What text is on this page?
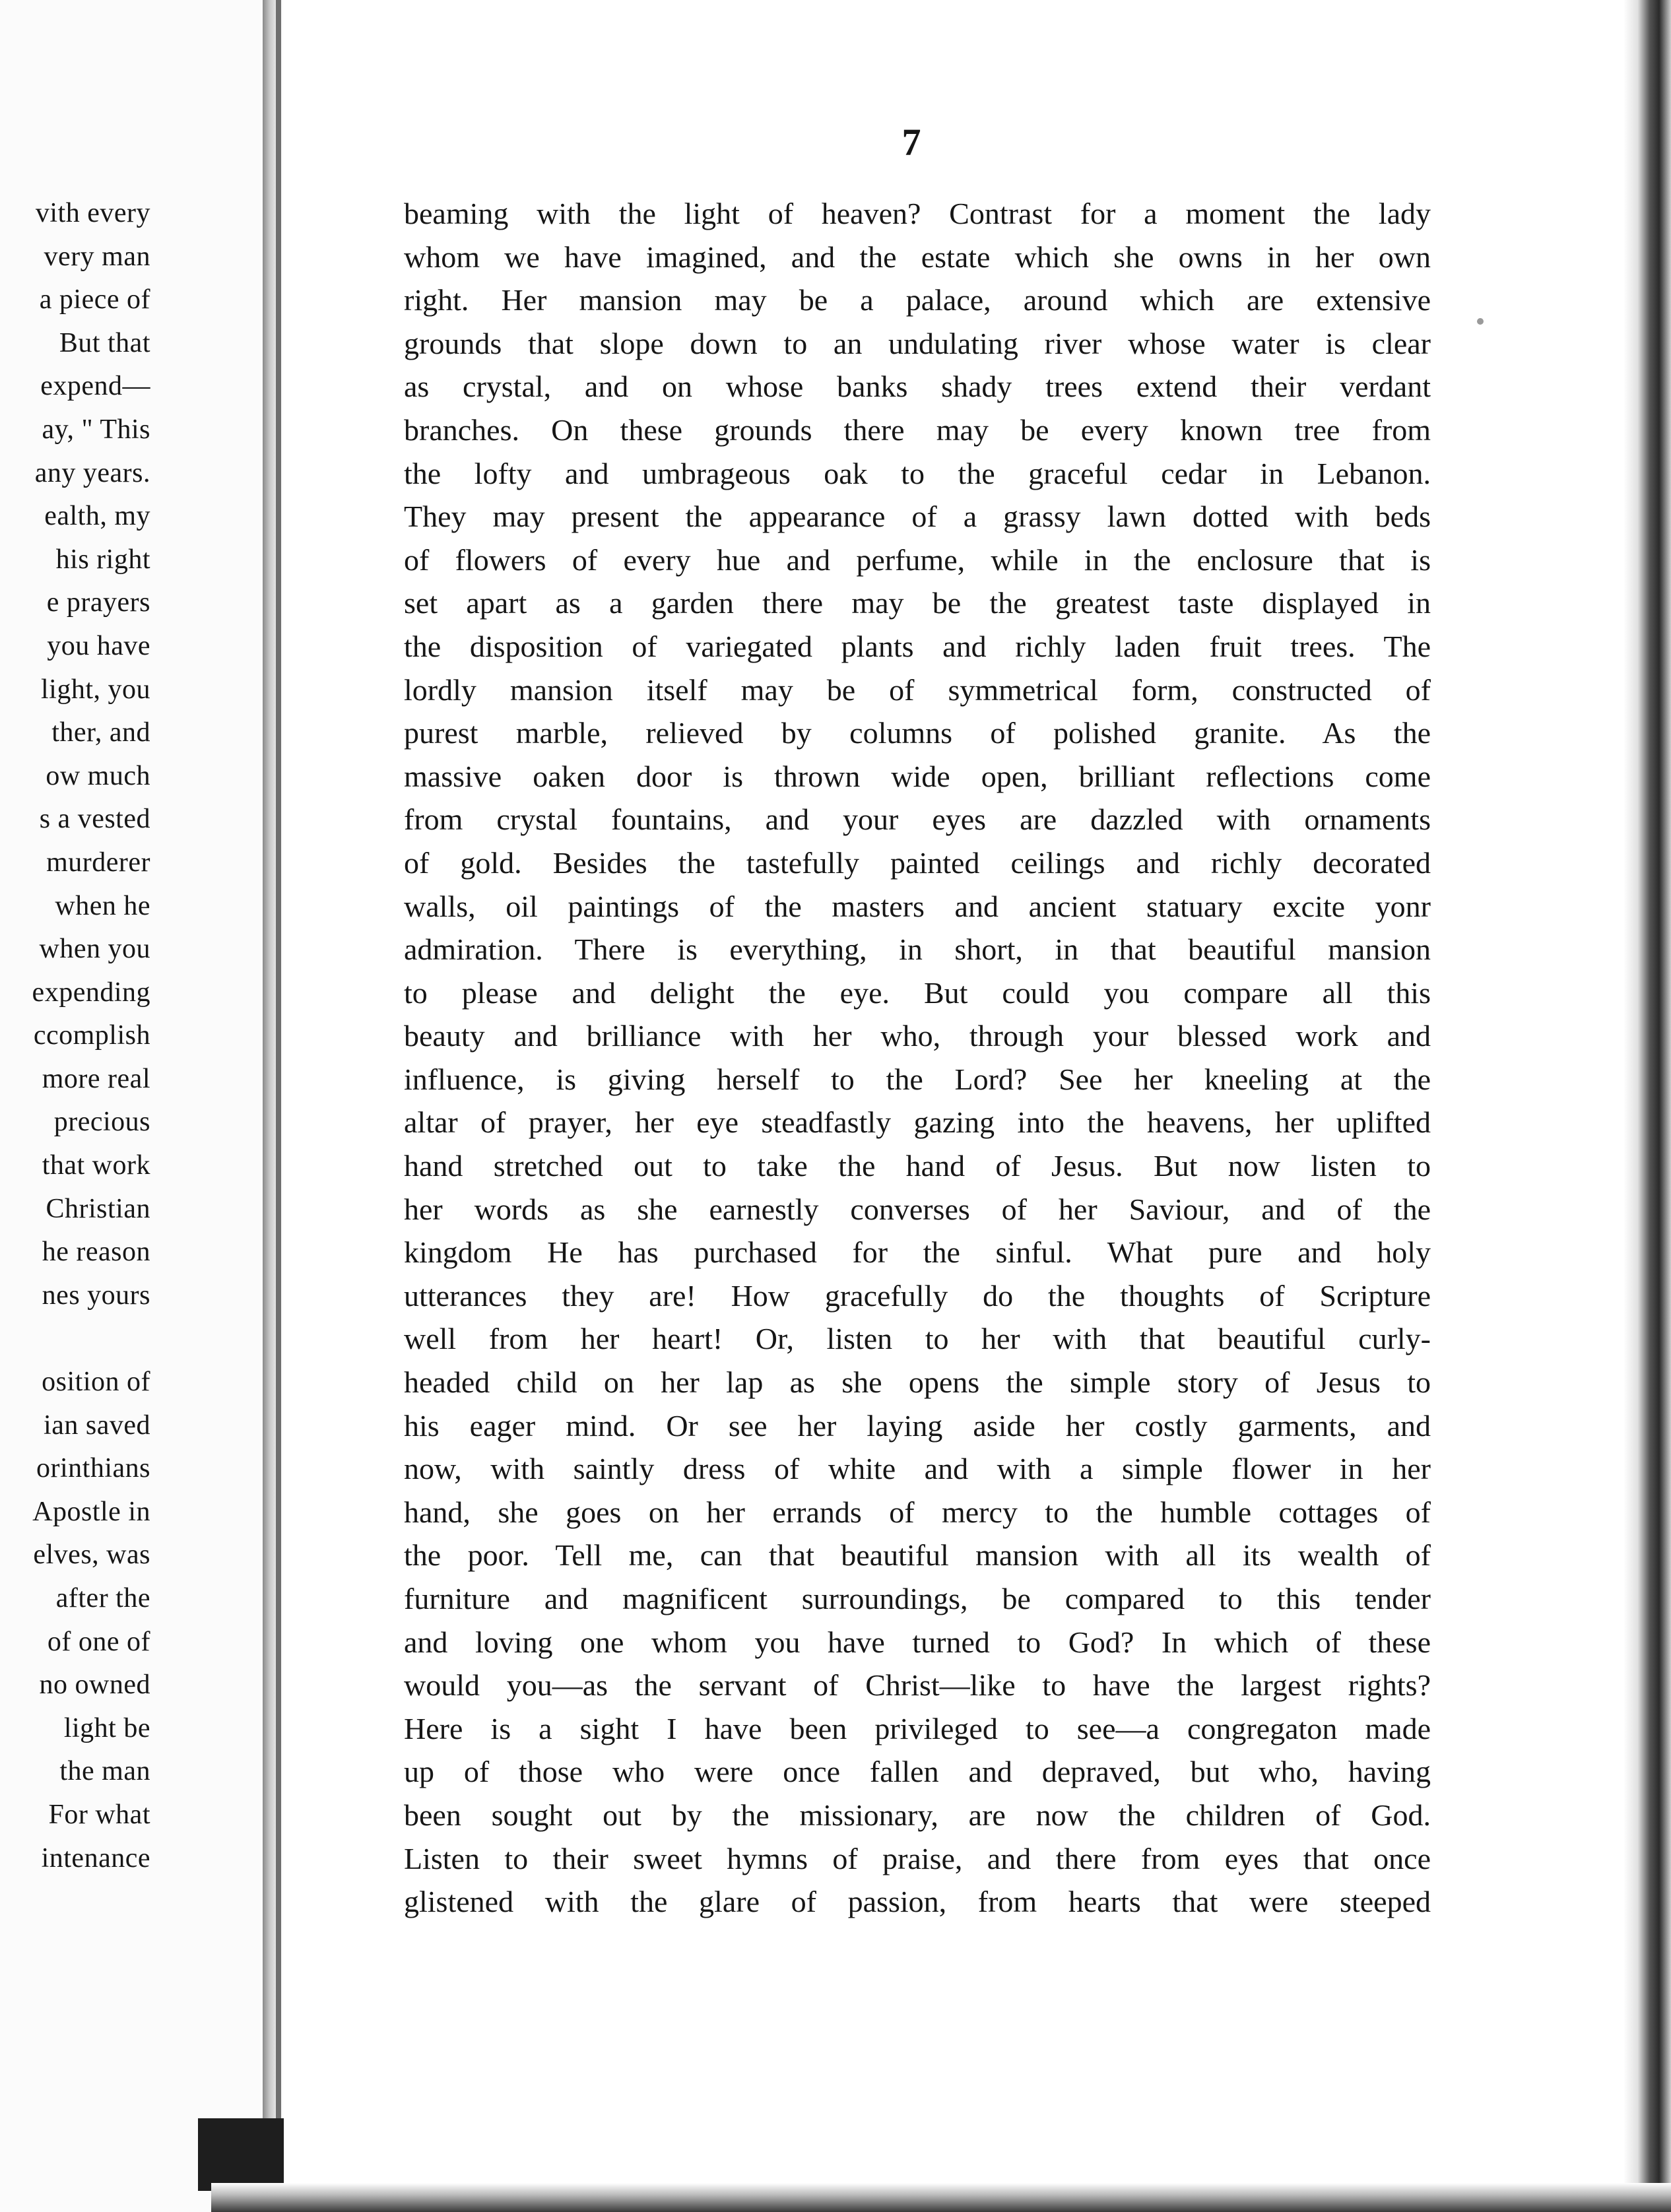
vith every
very man
a piece of
But that
expend—
ay, " This
any years.
ealth, my
his right
e prayers
you have
light, you
ther, and
ow much
s a vested
murderer
when he
when you
expending
ccomplish
more real
precious
that work
Christian
he reason
nes yours
osition of
ian saved
orinthians
Apostle in
elves, was
after the
of one of
no owned
light be
the man
For what
intenance
7
beaming with the light of heaven? Contrast for a moment the lady
whom we have imagined, and the estate which she owns in her own
right. Her mansion may be a palace, around which are extensive
grounds that slope down to an undulating river whose water is clear
as crystal, and on whose banks shady trees extend their verdant
branches. On these grounds there may be every known tree from
the lofty and umbrageous oak to the graceful cedar in Lebanon.
They may present the appearance of a grassy lawn dotted with beds
of flowers of every hue and perfume, while in the enclosure that is
set apart as a garden there may be the greatest taste displayed in
the disposition of variegated plants and richly laden fruit trees. The
lordly mansion itself may be of symmetrical form, constructed of
purest marble, relieved by columns of polished granite. As the
massive oaken door is thrown wide open, brilliant reflections come
from crystal fountains, and your eyes are dazzled with ornaments
of gold. Besides the tastefully painted ceilings and richly decorated
walls, oil paintings of the masters and ancient statuary excite yonr
admiration. There is everything, in short, in that beautiful mansion
to please and delight the eye. But could you compare all this
beauty and brilliance with her who, through your blessed work and
influence, is giving herself to the Lord? See her kneeling at the
altar of prayer, her eye steadfastly gazing into the heavens, her uplifted
hand stretched out to take the hand of Jesus. But now listen to
her words as she earnestly converses of her Saviour, and of the
kingdom He has purchased for the sinful. What pure and holy
utterances they are! How gracefully do the thoughts of Scripture
well from her heart! Or, listen to her with that beautiful curly-
headed child on her lap as she opens the simple story of Jesus to
his eager mind. Or see her laying aside her costly garments, and
now, with saintly dress of white and with a simple flower in her
hand, she goes on her errands of mercy to the humble cottages of
the poor. Tell me, can that beautiful mansion with all its wealth of
furniture and magnificent surroundings, be compared to this tender
and loving one whom you have turned to God? In which of these
would you—as the servant of Christ—like to have the largest rights?
Here is a sight I have been privileged to see—a congregaton made
up of those who were once fallen and depraved, but who, having
been sought out by the missionary, are now the children of God.
Listen to their sweet hymns of praise, and there from eyes that once
glistened with the glare of passion, from hearts that were steeped
